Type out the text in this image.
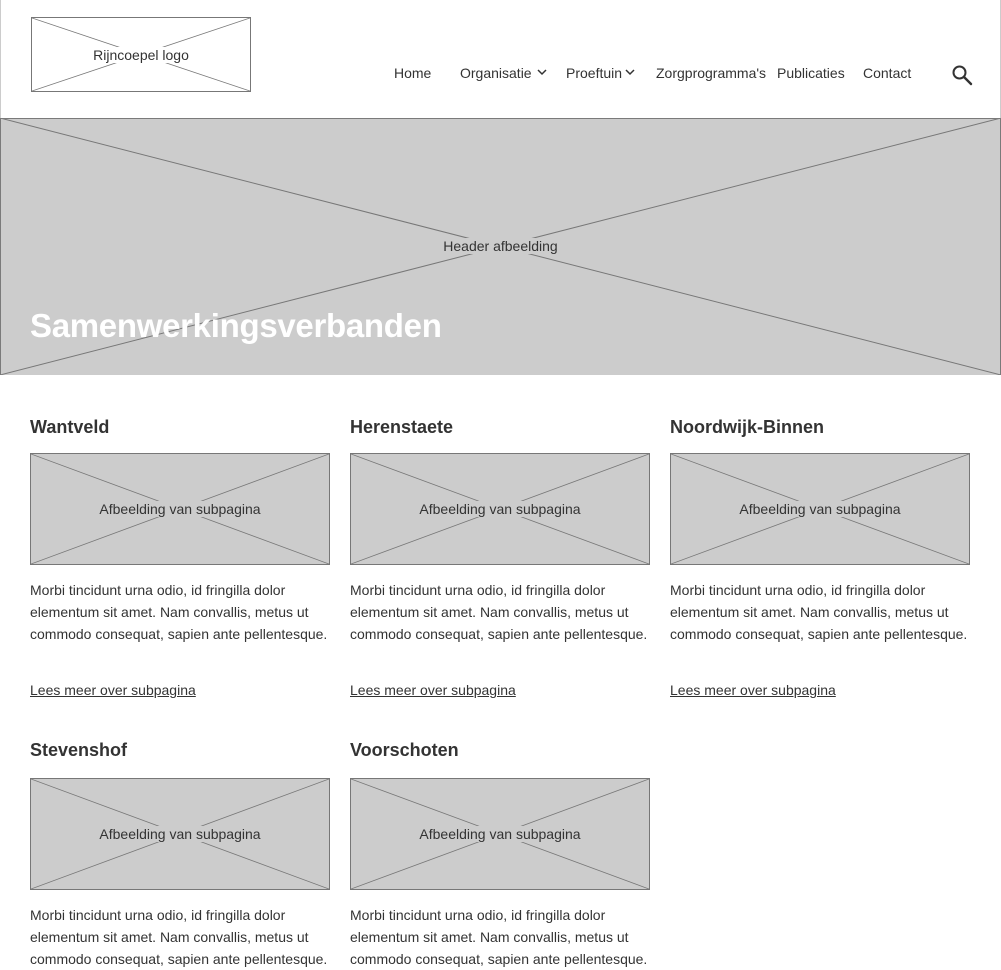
Rijncoepel logo
Home Organisatie Proeftuin Zorgprogramma's Publicaties Contact
Header afbeelding
Samenwerkingsverbanden
Wantveld
Afbeelding van subpagina

Morbi tincidunt urna odio, id fringilla dolor elementum sit amet. Nam convallis, metus ut commodo consequat, sapien ante pellentesque.

Lees meer over subpagina
Herenstaete
Afbeelding van subpagina

Morbi tincidunt urna odio, id fringilla dolor elementum sit amet. Nam convallis, metus ut commodo consequat, sapien ante pellentesque.

Lees meer over subpagina
Noordwijk-Binnen
Afbeelding van subpagina

Morbi tincidunt urna odio, id fringilla dolor elementum sit amet. Nam convallis, metus ut commodo consequat, sapien ante pellentesque.

Lees meer over subpagina
Stevenshof
Afbeelding van subpagina

Morbi tincidunt urna odio, id fringilla dolor elementum sit amet. Nam convallis, metus ut commodo consequat, sapien ante pellentesque.

Voorschoten
Afbeelding van subpagina

Morbi tincidunt urna odio, id fringilla dolor elementum sit amet. Nam convallis, metus ut commodo consequat, sapien ante pellentesque.
